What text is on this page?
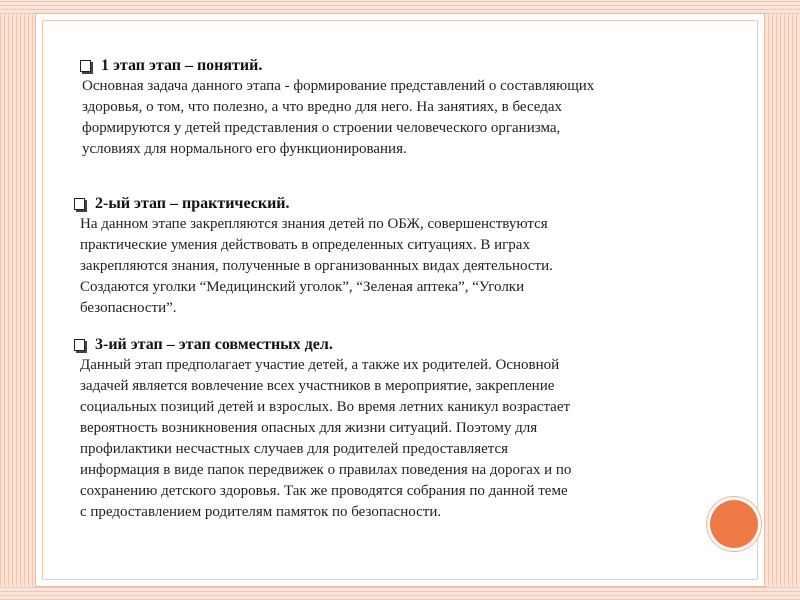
1 этап этап – понятий.

Основная задача данного этапа - формирование представлений о составляющих
здоровья, о том, что полезно, а что вредно для него. На занятиях, в беседах
формируются у детей представления о строении человеческого организма,
условиях для нормального его функционирования.

2-ый этап – практический.

На данном этапе закрепляются знания детей по ОБЖ, совершенствуются
практические умения действовать в определенных ситуациях. В играх
закрепляются знания, полученные в организованных видах деятельности.
Создаются уголки “Медицинский уголок”, “Зеленая аптека”, “Уголки
безопасности”.

3-ий этап – этап совместных дел.

Данный этап предполагает участие детей, а также их родителей. Основной
задачей является вовлечение всех участников в мероприятие, закрепление
социальных позиций детей и взрослых. Во время летних каникул возрастает
вероятность возникновения опасных для жизни ситуаций. Поэтому для
профилактики несчастных случаев для родителей предоставляется
информация в виде папок передвижек о правилах поведения на дорогах и по
сохранению детского здоровья. Так же проводятся собрания по данной теме
с предоставлением родителям памяток по безопасности.
